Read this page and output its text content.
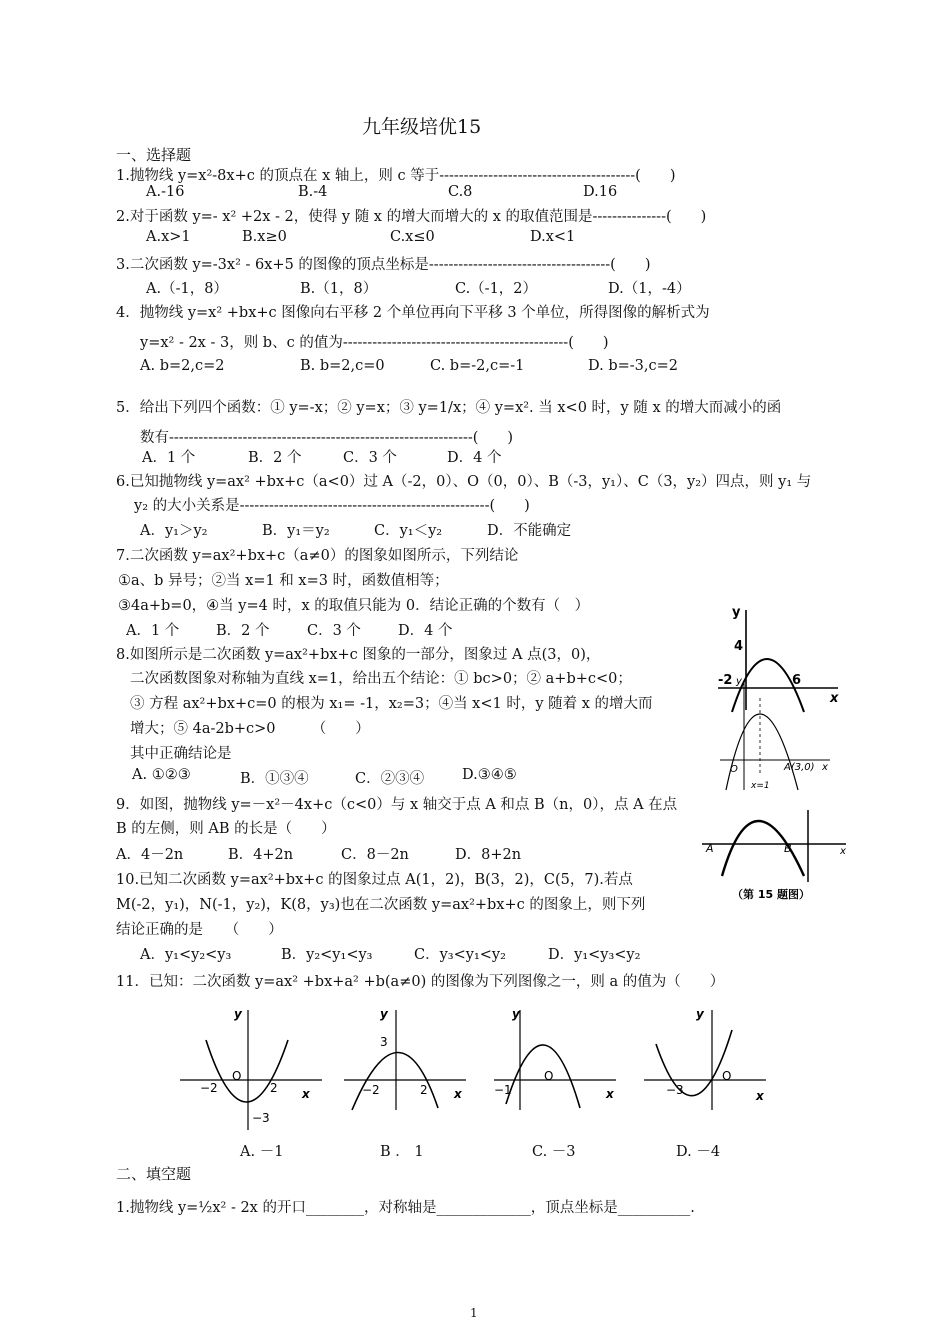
九年级培优15
一、选择题
1.抛物线 y=x²-8x+c 的顶点在 x 轴上，则 c 等于----------------------------------------(　　)
A.-16	B.-4	C.8	D.16
2.对于函数 y=- x² +2x - 2，使得 y 随 x 的增大而增大的 x 的取值范围是---------------(　　)
A.x>1	B.x≥0	C.x≤0	D.x<1
3.二次函数 y=-3x² - 6x+5 的图像的顶点坐标是-------------------------------------(　　)
A.（-1，8）	B.（1，8）	C.（-1，2）	D.（1，-4）
4．抛物线 y=x² +bx+c 图像向右平移 2 个单位再向下平移 3 个单位，所得图像的解析式为
y=x² - 2x - 3，则 b、c 的值为----------------------------------------------(　　)
A. b=2,c=2	B. b=2,c=0	C. b=-2,c=-1	D. b=-3,c=2
5．给出下列四个函数：① y=-x；② y=x；③ y=1/x；④ y=x². 当 x<0 时，y 随 x 的增大而减小的函
数有--------------------------------------------------------------(　　)
A．1 个	B．2 个	C．3 个	D．4 个
6.已知抛物线 y=ax² +bx+c（a<0）过 A（-2，0）、O（0，0）、B（-3，y₁）、C（3，y₂）四点，则 y₁ 与
y₂ 的大小关系是---------------------------------------------------(　　)
A．y₁＞y₂	B．y₁＝y₂	C．y₁＜y₂	D．不能确定
7.二次函数 y=ax²+bx+c（a≠0）的图象如图所示，下列结论
①a、b 异号；②当 x=1 和 x=3 时，函数值相等；
③4a+b=0，④当 y=4 时，x 的取值只能为 0．结论正确的个数有（　）
A．1 个	B．2 个	C．3 个	D．4 个
y
x
4
-2	6
8.如图所示是二次函数 y=ax²+bx+c 图象的一部分，图象过 A 点(3，0)，
二次函数图象对称轴为直线 x=1，给出五个结论：① bc>0；② a+b+c<0；
③ 方程 ax²+bx+c=0 的根为 x₁= -1，x₂=3；④当 x<1 时，y 随着 x 的增大而
增大；⑤ 4a-2b+c>0　　　（　　）
其中正确结论是
A. ①②③	B．①③④	C．②③④	D.③④⑤
y
x
O	A(3,0)
x=1
9．如图，抛物线 y=－x²－4x+c（c<0）与 x 轴交于点 A 和点 B（n，0），点 A 在点
B 的左侧，则 AB 的长是（　　）
A．4－2n	B．4+2n	C．8－2n	D．8+2n	x
A	B
（第 15 题图）
10.已知二次函数 y=ax²+bx+c 的图象过点 A(1，2)，B(3，2)，C(5，7).若点
M(-2，y₁)，N(-1，y₂)，K(8，y₃)也在二次函数 y=ax²+bx+c 的图象上，则下列
结论正确的是　　（　　）
A．y₁<y₂<y₃	B．y₂<y₁<y₃	C．y₃<y₁<y₂	D．y₁<y₃<y₂
11．已知：二次函数 y=ax² +bx+a² +b(a≠0) 的图像为下列图像之一，则 a 的值为（　　）
y
x
O
−2	2
−3
y
x
3
−2	2
y
x
−1
O
y
x
−3
O
A. －1	B ． 1	C. －3	D. －4
二、填空题
1.抛物线 y=½x² - 2x 的开口________，对称轴是_____________，顶点坐标是__________.
1
